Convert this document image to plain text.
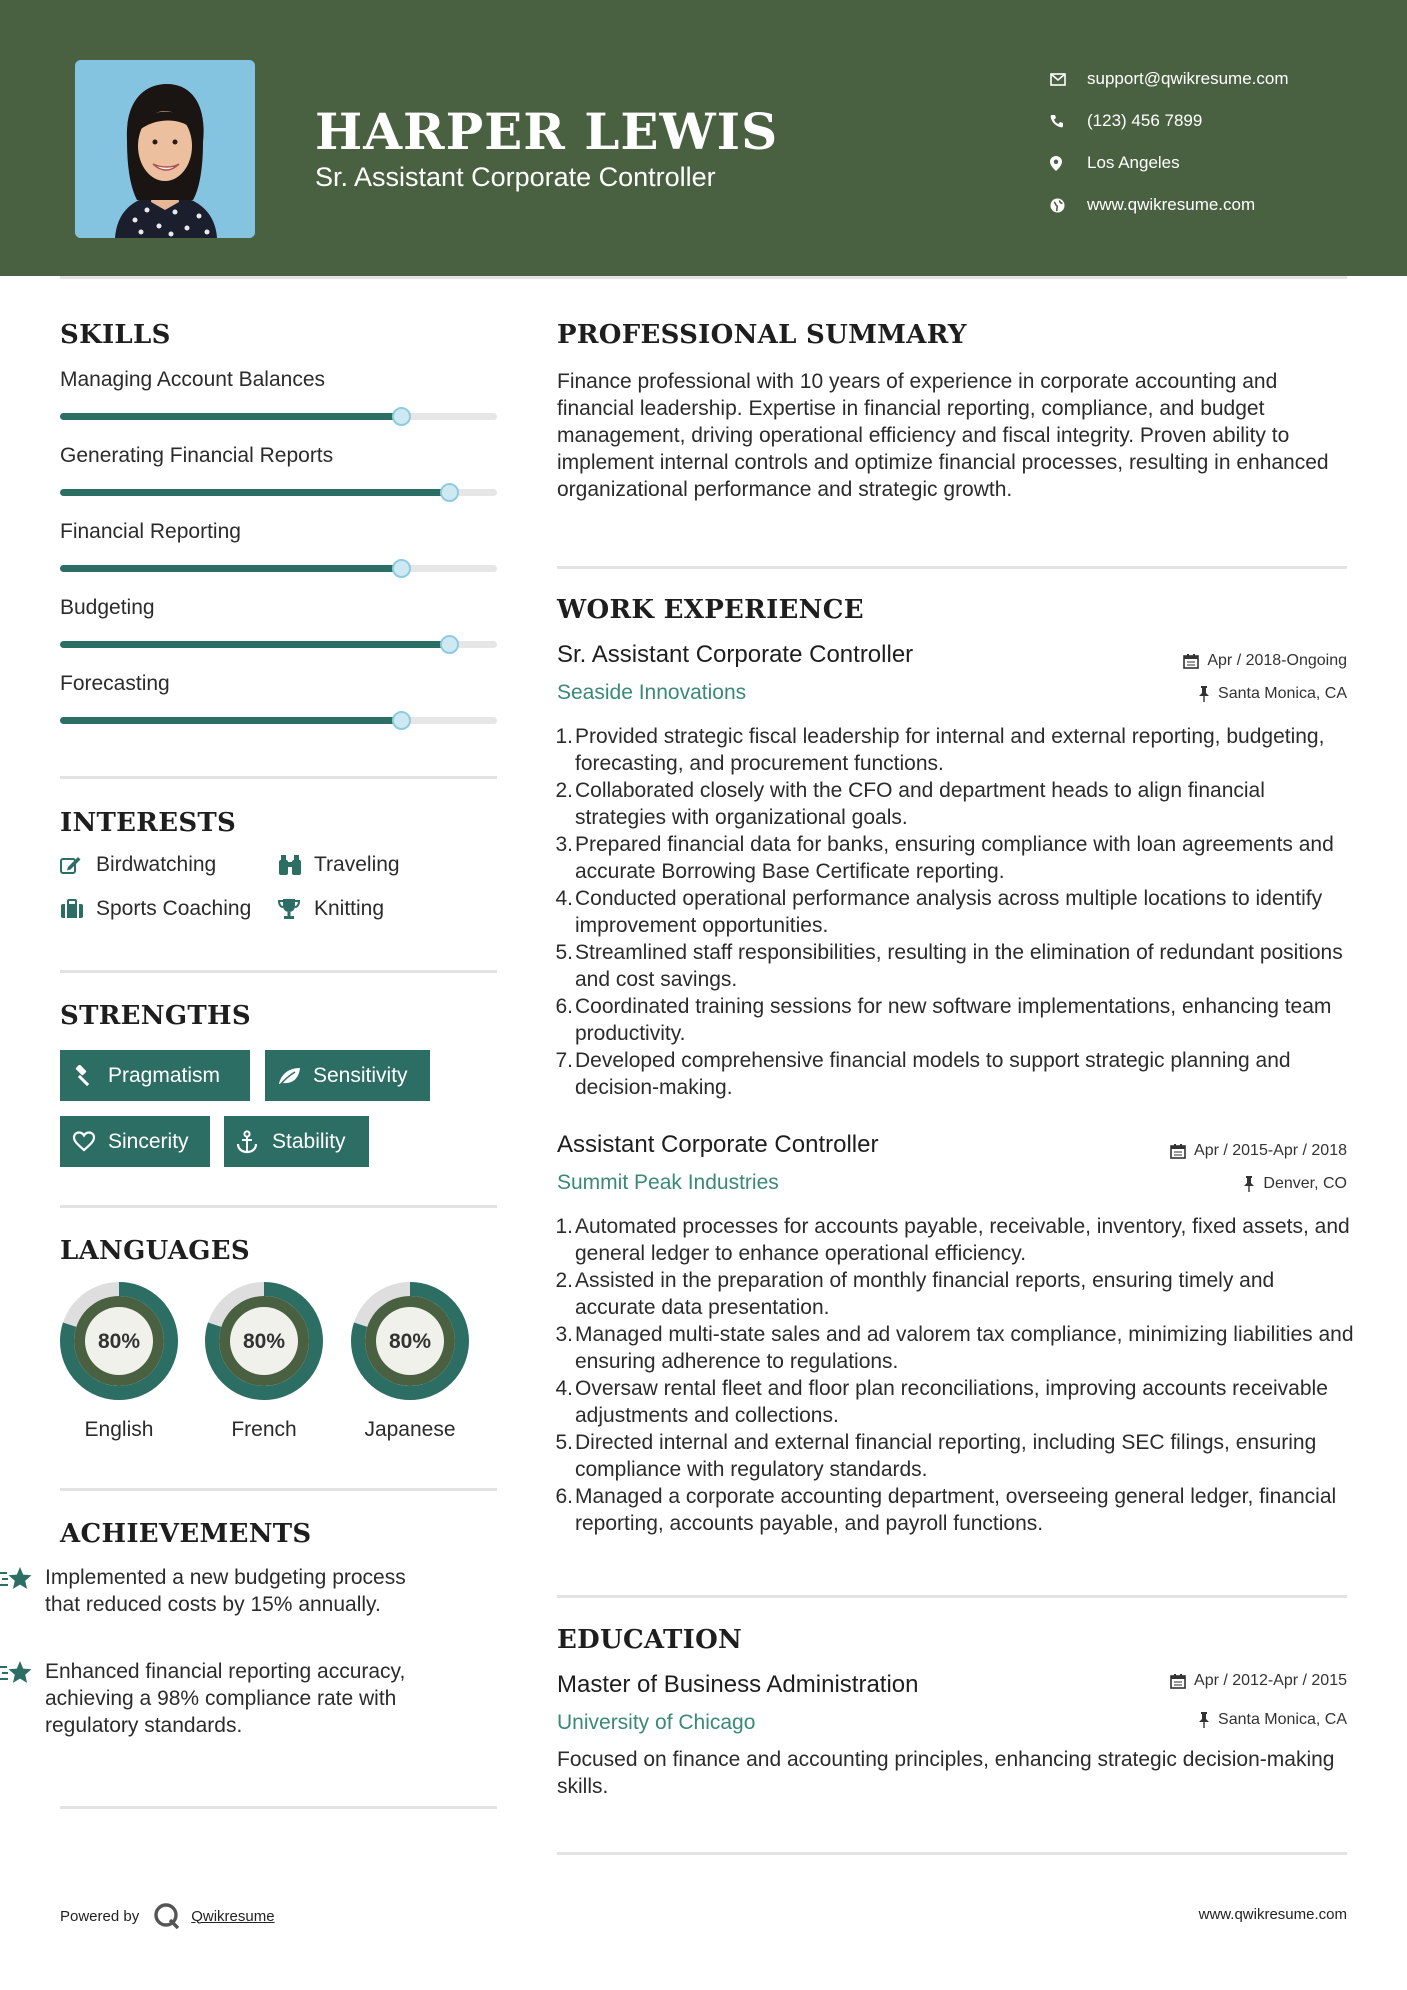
HARPER LEWIS
Sr. Assistant Corporate Controller
support@qwikresume.com
(123) 456 7899
Los Angeles
www.qwikresume.com
SKILLS
Managing Account Balances
Generating Financial Reports
Financial Reporting
Budgeting
Forecasting
INTERESTS
Birdwatching	Traveling
Sports Coaching	Knitting
STRENGTHS
Pragmatism	Sensitivity
Sincerity	Stability
LANGUAGES
80%
English
80%
French
80%
Japanese
ACHIEVEMENTS
Implemented a new budgeting process that reduced costs by 15% annually.
Enhanced financial reporting accuracy, achieving a 98% compliance rate with regulatory standards.
PROFESSIONAL SUMMARY
Finance professional with 10 years of experience in corporate accounting and financial leadership. Expertise in financial reporting, compliance, and budget management, driving operational efficiency and fiscal integrity. Proven ability to implement internal controls and optimize financial processes, resulting in enhanced organizational performance and strategic growth.
WORK EXPERIENCE
Sr. Assistant Corporate Controller	Apr / 2018-Ongoing
Seaside Innovations	Santa Monica, CA
1. Provided strategic fiscal leadership for internal and external reporting, budgeting, forecasting, and procurement functions.
2. Collaborated closely with the CFO and department heads to align financial strategies with organizational goals.
3. Prepared financial data for banks, ensuring compliance with loan agreements and accurate Borrowing Base Certificate reporting.
4. Conducted operational performance analysis across multiple locations to identify improvement opportunities.
5. Streamlined staff responsibilities, resulting in the elimination of redundant positions and cost savings.
6. Coordinated training sessions for new software implementations, enhancing team productivity.
7. Developed comprehensive financial models to support strategic planning and decision-making.
Assistant Corporate Controller	Apr / 2015-Apr / 2018
Summit Peak Industries	Denver, CO
1. Automated processes for accounts payable, receivable, inventory, fixed assets, and general ledger to enhance operational efficiency.
2. Assisted in the preparation of monthly financial reports, ensuring timely and accurate data presentation.
3. Managed multi-state sales and ad valorem tax compliance, minimizing liabilities and ensuring adherence to regulations.
4. Oversaw rental fleet and floor plan reconciliations, improving accounts receivable adjustments and collections.
5. Directed internal and external financial reporting, including SEC filings, ensuring compliance with regulatory standards.
6. Managed a corporate accounting department, overseeing general ledger, financial reporting, accounts payable, and payroll functions.
EDUCATION
Master of Business Administration	Apr / 2012-Apr / 2015
University of Chicago	Santa Monica, CA
Focused on finance and accounting principles, enhancing strategic decision-making skills.
Powered by	Qwikresume	www.qwikresume.com
